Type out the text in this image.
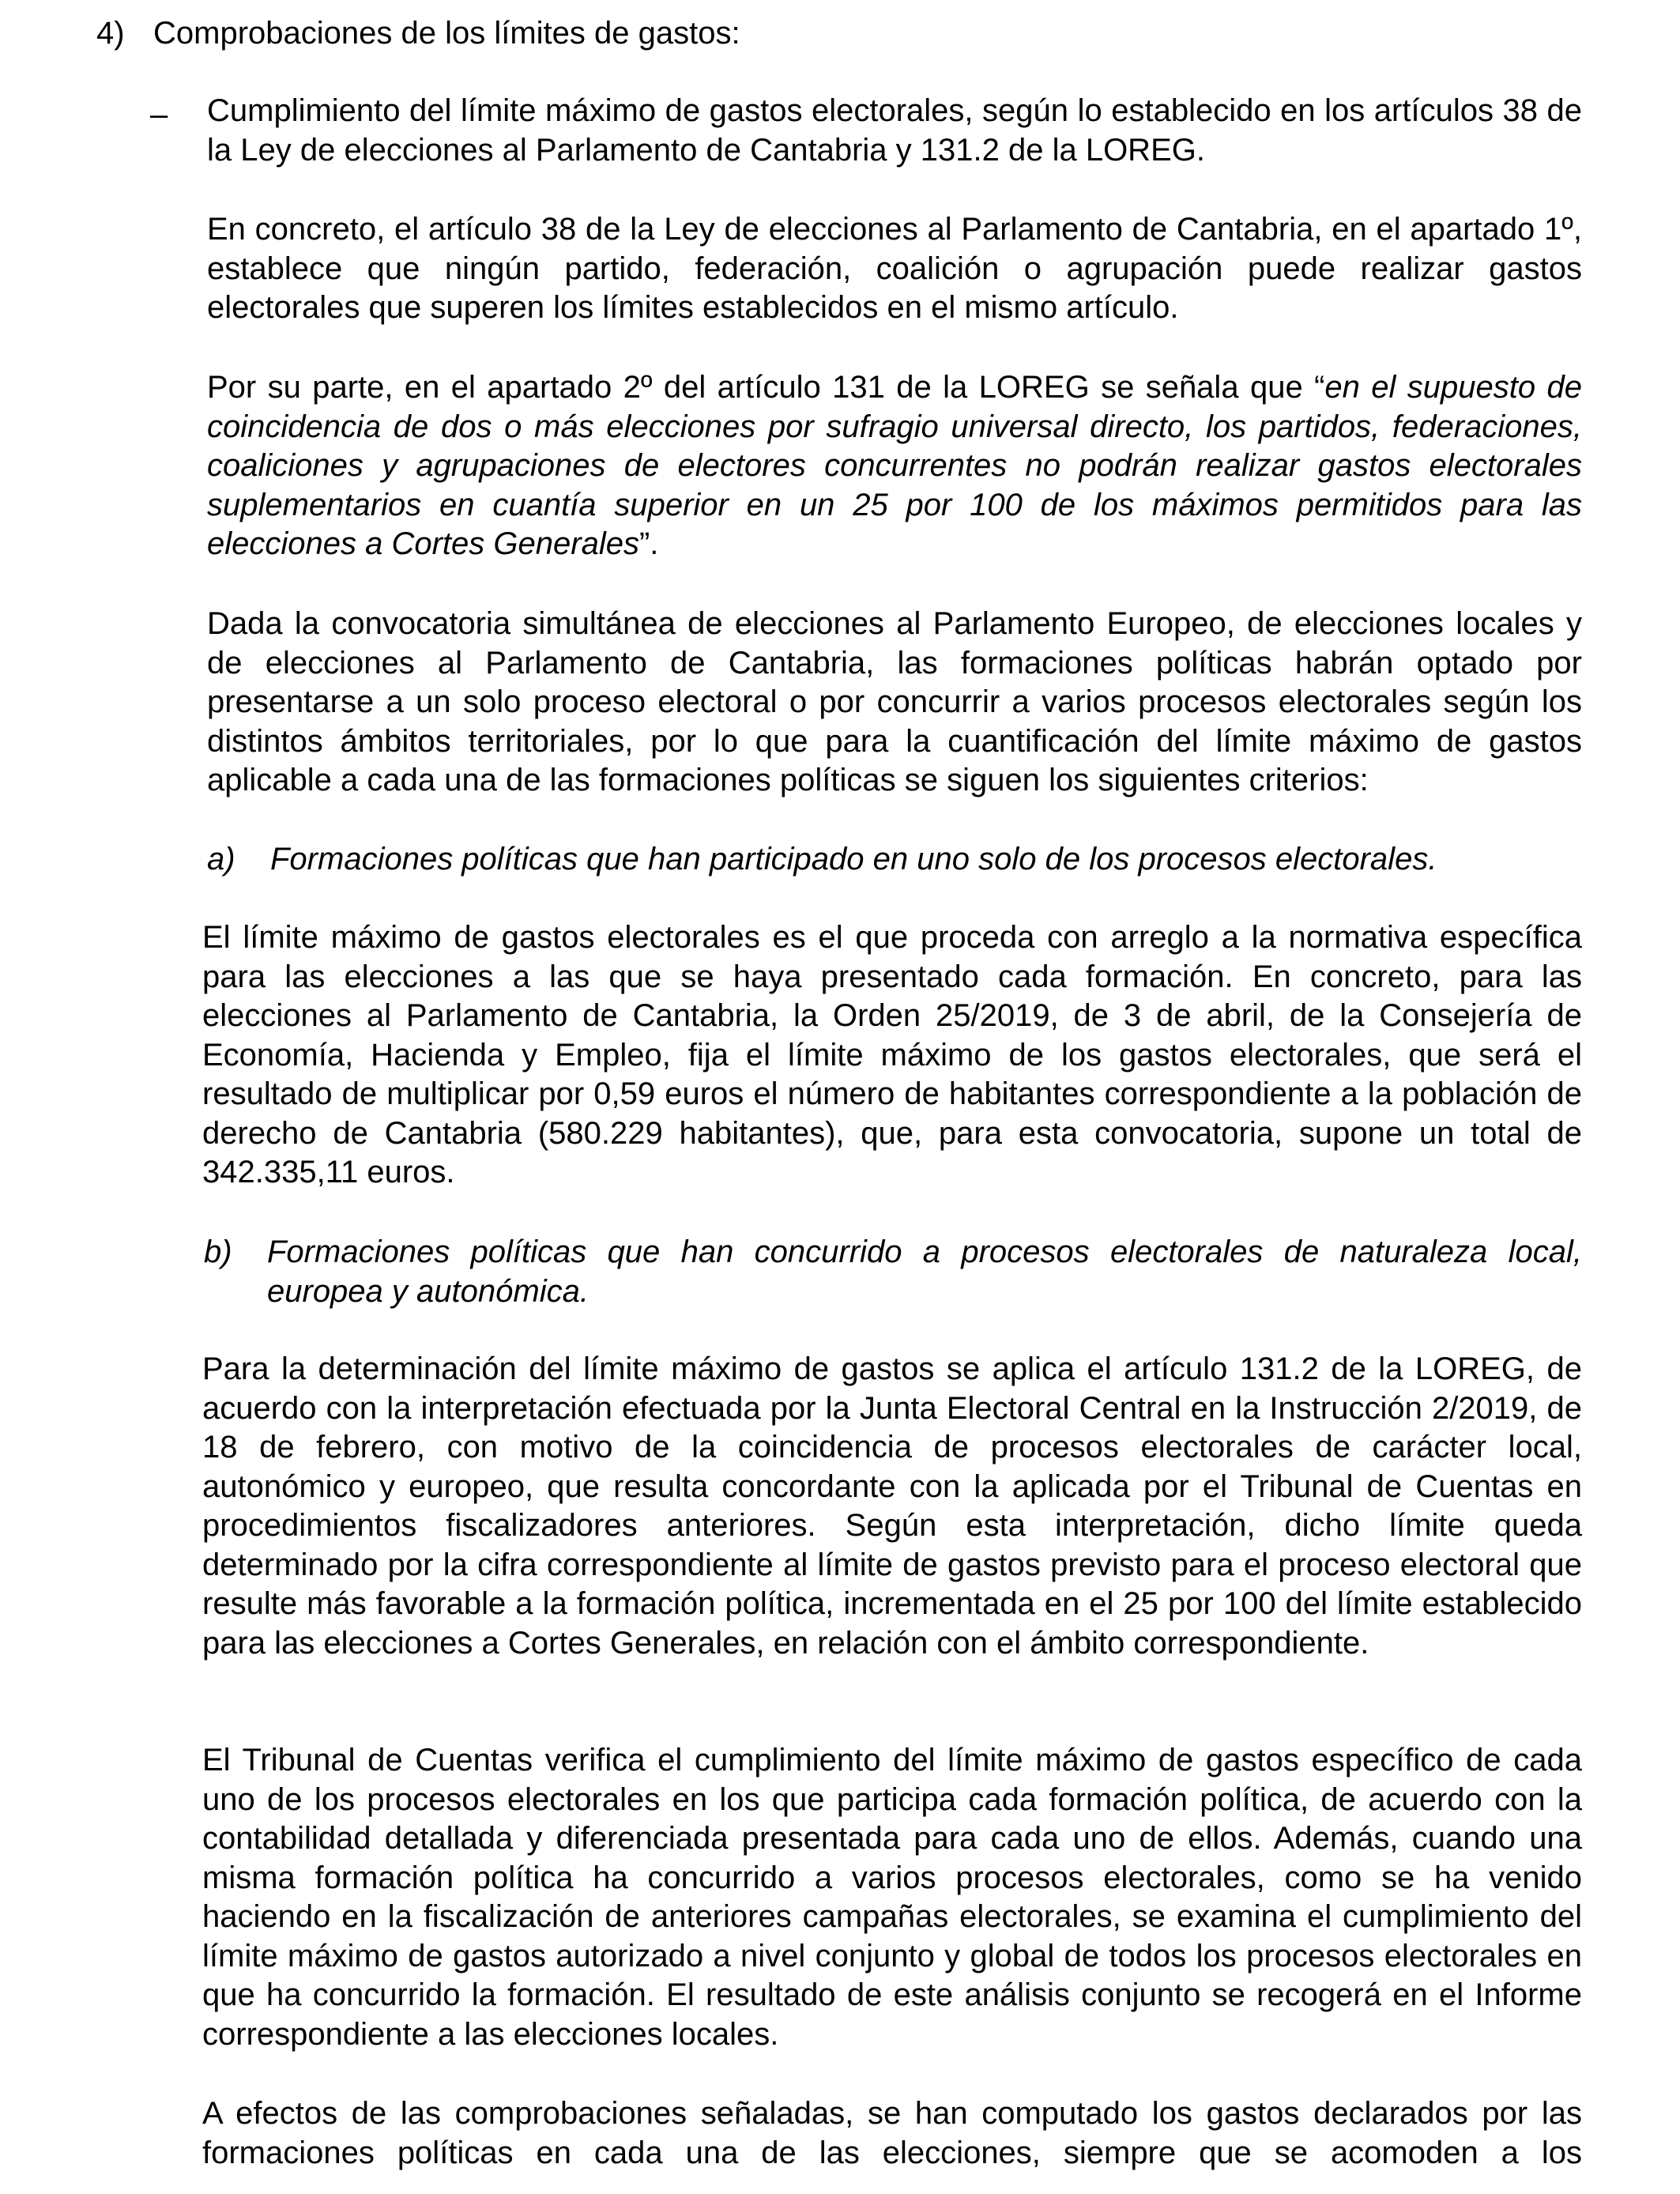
4) Comprobaciones de los límites de gastos:
– Cumplimiento del límite máximo de gastos electorales, según lo establecido en los artículos 38 de la Ley de elecciones al Parlamento de Cantabria y 131.2 de la LOREG.

En concreto, el artículo 38 de la Ley de elecciones al Parlamento de Cantabria, en el apartado 1º, establece que ningún partido, federación, coalición o agrupación puede realizar gastos electorales que superen los límites establecidos en el mismo artículo.

Por su parte, en el apartado 2º del artículo 131 de la LOREG se señala que “en el supuesto de coincidencia de dos o más elecciones por sufragio universal directo, los partidos, federaciones, coaliciones y agrupaciones de electores concurrentes no podrán realizar gastos electorales suplementarios en cuantía superior en un 25 por 100 de los máximos permitidos para las elecciones a Cortes Generales”.

Dada la convocatoria simultánea de elecciones al Parlamento Europeo, de elecciones locales y de elecciones al Parlamento de Cantabria, las formaciones políticas habrán optado por presentarse a un solo proceso electoral o por concurrir a varios procesos electorales según los distintos ámbitos territoriales, por lo que para la cuantificación del límite máximo de gastos aplicable a cada una de las formaciones políticas se siguen los siguientes criterios:

a) Formaciones políticas que han participado en uno solo de los procesos electorales.

El límite máximo de gastos electorales es el que proceda con arreglo a la normativa específica para las elecciones a las que se haya presentado cada formación. En concreto, para las elecciones al Parlamento de Cantabria, la Orden 25/2019, de 3 de abril, de la Consejería de Economía, Hacienda y Empleo, fija el límite máximo de los gastos electorales, que será el resultado de multiplicar por 0,59 euros el número de habitantes correspondiente a la población de derecho de Cantabria (580.229 habitantes), que, para esta convocatoria, supone un total de 342.335,11 euros.

b) Formaciones políticas que han concurrido a procesos electorales de naturaleza local, europea y autonómica.

Para la determinación del límite máximo de gastos se aplica el artículo 131.2 de la LOREG, de acuerdo con la interpretación efectuada por la Junta Electoral Central en la Instrucción 2/2019, de 18 de febrero, con motivo de la coincidencia de procesos electorales de carácter local, autonómico y europeo, que resulta concordante con la aplicada por el Tribunal de Cuentas en procedimientos fiscalizadores anteriores. Según esta interpretación, dicho límite queda determinado por la cifra correspondiente al límite de gastos previsto para el proceso electoral que resulte más favorable a la formación política, incrementada en el 25 por 100 del límite establecido para las elecciones a Cortes Generales, en relación con el ámbito correspondiente.

El Tribunal de Cuentas verifica el cumplimiento del límite máximo de gastos específico de cada uno de los procesos electorales en los que participa cada formación política, de acuerdo con la contabilidad detallada y diferenciada presentada para cada uno de ellos. Además, cuando una misma formación política ha concurrido a varios procesos electorales, como se ha venido haciendo en la fiscalización de anteriores campañas electorales, se examina el cumplimiento del límite máximo de gastos autorizado a nivel conjunto y global de todos los procesos electorales en que ha concurrido la formación. El resultado de este análisis conjunto se recogerá en el Informe correspondiente a las elecciones locales.

A efectos de las comprobaciones señaladas, se han computado los gastos declarados por las formaciones políticas en cada una de las elecciones, siempre que se acomoden a los
